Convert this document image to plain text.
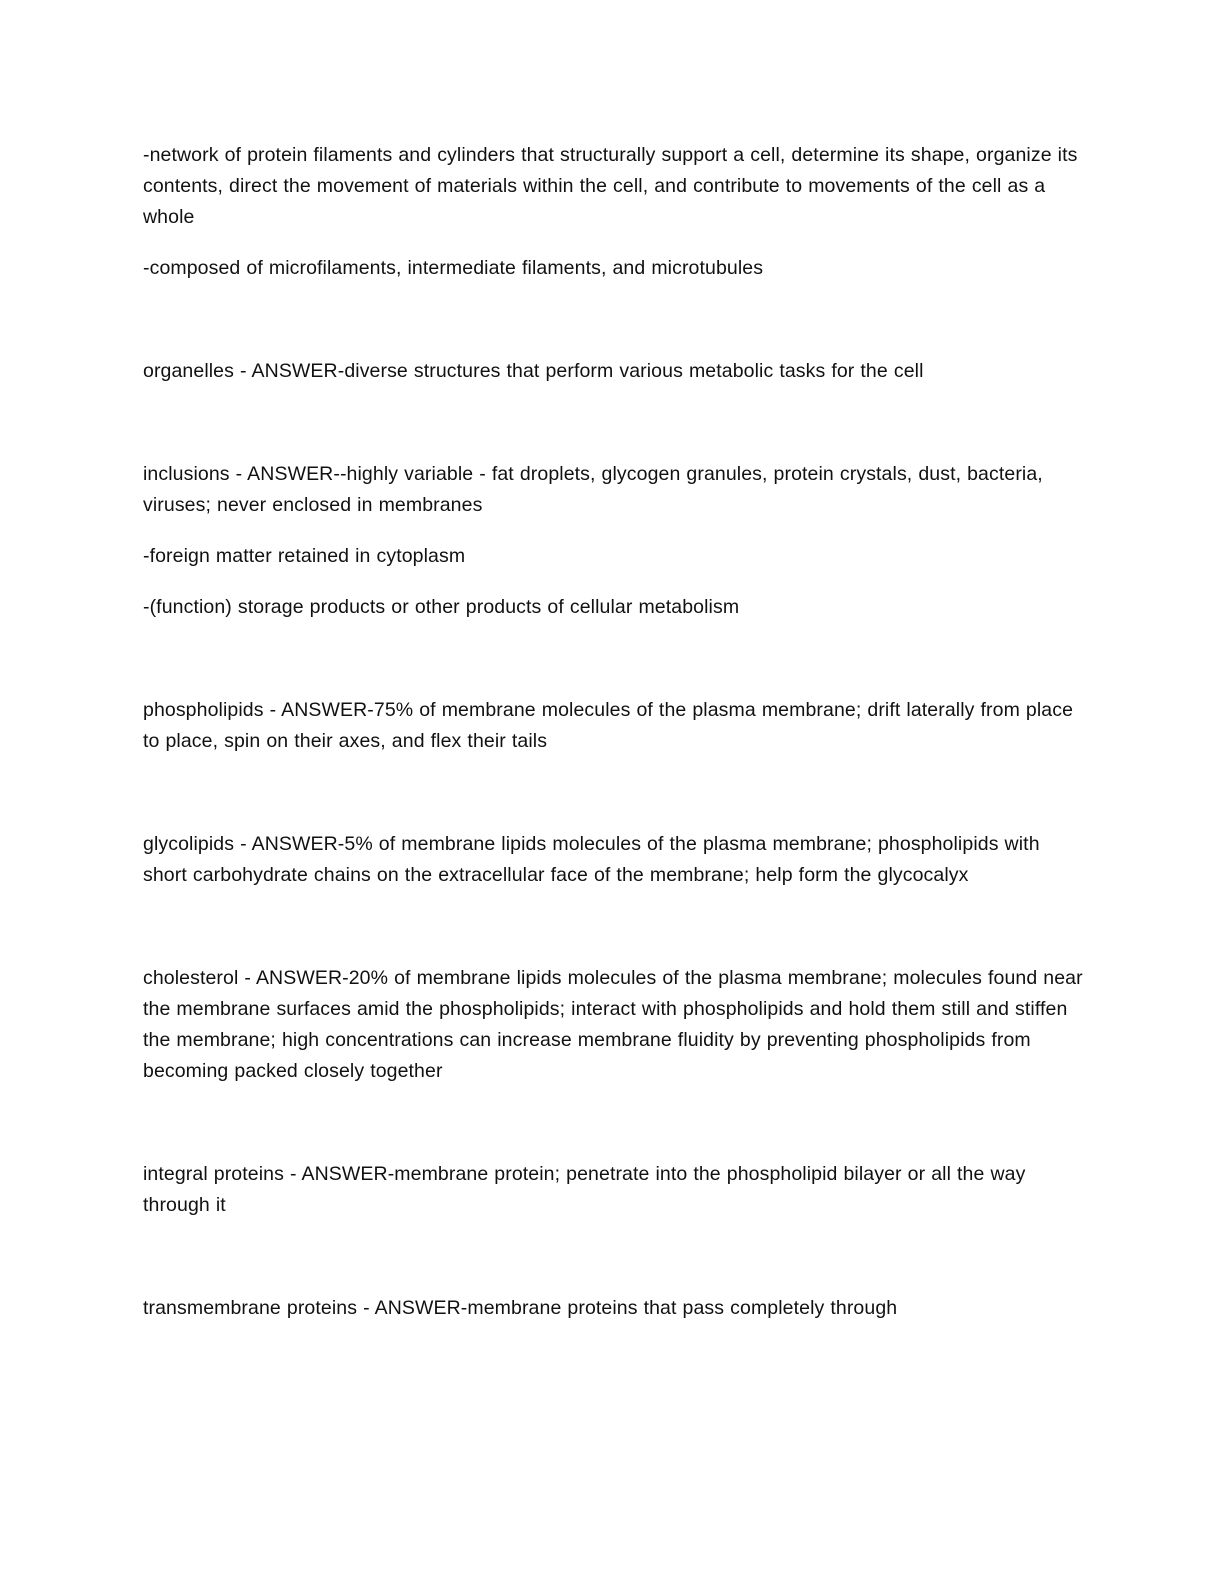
-network of protein filaments and cylinders that structurally support a cell, determine its shape, organize its contents, direct the movement of materials within the cell, and contribute to movements of the cell as a whole
-composed of microfilaments, intermediate filaments, and microtubules
organelles - ANSWER-diverse structures that perform various metabolic tasks for the cell
inclusions - ANSWER--highly variable - fat droplets, glycogen granules, protein crystals, dust, bacteria, viruses; never enclosed in membranes
-foreign matter retained in cytoplasm
-(function) storage products or other products of cellular metabolism
phospholipids - ANSWER-75% of membrane molecules of the plasma membrane; drift laterally from place to place, spin on their axes, and flex their tails
glycolipids - ANSWER-5% of membrane lipids molecules of the plasma membrane; phospholipids with short carbohydrate chains on the extracellular face of the membrane; help form the glycocalyx
cholesterol - ANSWER-20% of membrane lipids molecules of the plasma membrane; molecules found near the membrane surfaces amid the phospholipids; interact with phospholipids and hold them still and stiffen the membrane; high concentrations can increase membrane fluidity by preventing phospholipids from becoming packed closely together
integral proteins - ANSWER-membrane protein; penetrate into the phospholipid bilayer or all the way through it
transmembrane proteins - ANSWER-membrane proteins that pass completely through
